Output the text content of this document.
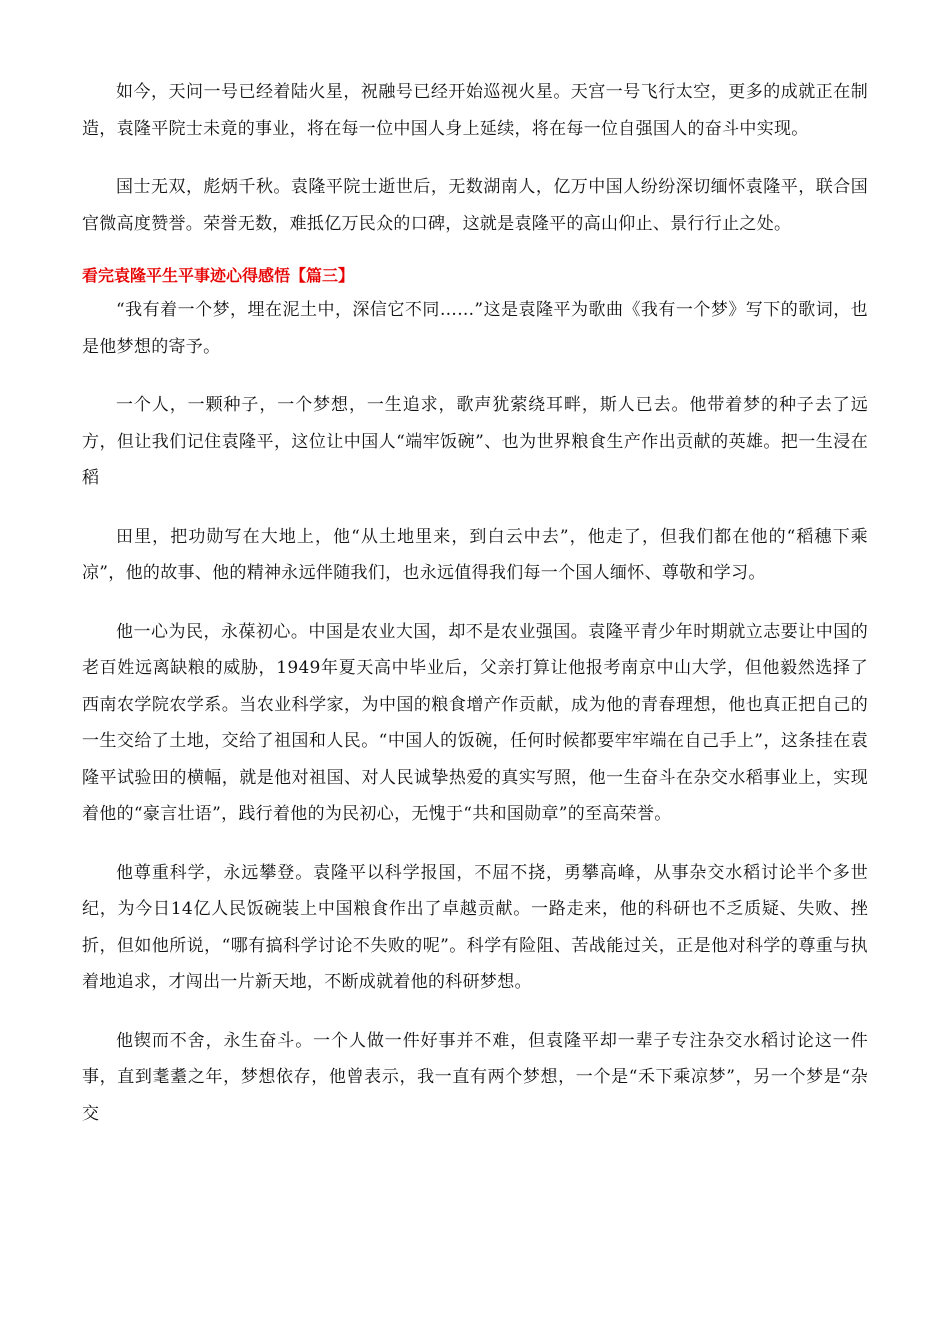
如今，天问一号已经着陆火星，祝融号已经开始巡视火星。天宫一号飞行太空，更多的成就正在制造，袁隆平院士未竟的事业，将在每一位中国人身上延续，将在每一位自强国人的奋斗中实现。

国士无双，彪炳千秋。袁隆平院士逝世后，无数湖南人，亿万中国人纷纷深切缅怀袁隆平，联合国官微高度赞誉。荣誉无数，难抵亿万民众的口碑，这就是袁隆平的高山仰止、景行行止之处。

看完袁隆平生平事迹心得感悟【篇三】

“我有着一个梦，埋在泥土中，深信它不同……”这是袁隆平为歌曲《我有一个梦》写下的歌词，也是他梦想的寄予。

一个人，一颗种子，一个梦想，一生追求，歌声犹萦绕耳畔，斯人已去。他带着梦的种子去了远方，但让我们记住袁隆平，这位让中国人“端牢饭碗”、也为世界粮食生产作出贡献的英雄。把一生浸在稻

田里，把功勋写在大地上，他“从土地里来，到白云中去”，他走了，但我们都在他的“稻穗下乘凉”，他的故事、他的精神永远伴随我们，也永远值得我们每一个国人缅怀、尊敬和学习。

他一心为民，永葆初心。中国是农业大国，却不是农业强国。袁隆平青少年时期就立志要让中国的老百姓远离缺粮的威胁，1949年夏天高中毕业后，父亲打算让他报考南京中山大学，但他毅然选择了西南农学院农学系。当农业科学家，为中国的粮食增产作贡献，成为他的青春理想，他也真正把自己的一生交给了土地，交给了祖国和人民。“中国人的饭碗，任何时候都要牢牢端在自己手上”，这条挂在袁隆平试验田的横幅，就是他对祖国、对人民诚挚热爱的真实写照，他一生奋斗在杂交水稻事业上，实现着他的“豪言壮语”，践行着他的为民初心，无愧于“共和国勋章”的至高荣誉。

他尊重科学，永远攀登。袁隆平以科学报国，不屈不挠，勇攀高峰，从事杂交水稻讨论半个多世纪，为今日14亿人民饭碗装上中国粮食作出了卓越贡献。一路走来，他的科研也不乏质疑、失败、挫折，但如他所说，“哪有搞科学讨论不失败的呢”。科学有险阻、苦战能过关，正是他对科学的尊重与执着地追求，才闯出一片新天地，不断成就着他的科研梦想。

他锲而不舍，永生奋斗。一个人做一件好事并不难，但袁隆平却一辈子专注杂交水稻讨论这一件事，直到耄耋之年，梦想依存，他曾表示，我一直有两个梦想，一个是“禾下乘凉梦”，另一个梦是“杂交
